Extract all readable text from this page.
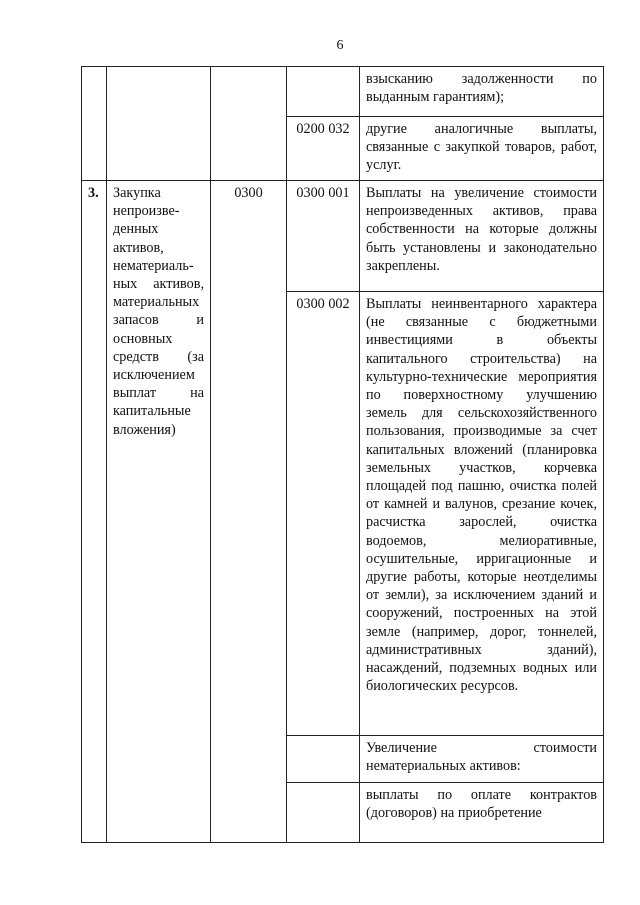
6
				взысканию задолженности по выданным гарантиям);
			0200 032	другие аналогичные выплаты, связанные с закупкой товаров, работ, услуг.
3.	Закупка непроизве-денных активов, нематериаль-ных активов, материальных запасов и основных средств (за исключением выплат на капитальные вложения)	0300	0300 001	Выплаты на увеличение стоимости непроизведенных активов, права собственности на которые должны быть установлены и законодательно закреплены.
			0300 002	Выплаты неинвентарного характера (не связанные с бюджетными инвестициями в объекты капитального строительства) на культурно-технические мероприятия по поверхностному улучшению земель для сельскохозяйственного пользования, производимые за счет капитальных вложений (планировка земельных участков, корчевка площадей под пашню, очистка полей от камней и валунов, срезание кочек, расчистка зарослей, очистка водоемов, мелиоративные, осушительные, ирригационные и другие работы, которые неотделимы от земли), за исключением зданий и сооружений, построенных на этой земле (например, дорог, тоннелей, административных зданий), насаждений, подземных водных или биологических ресурсов.
				Увеличение стоимости нематериальных активов:
				выплаты по оплате контрактов (договоров) на приобретение
